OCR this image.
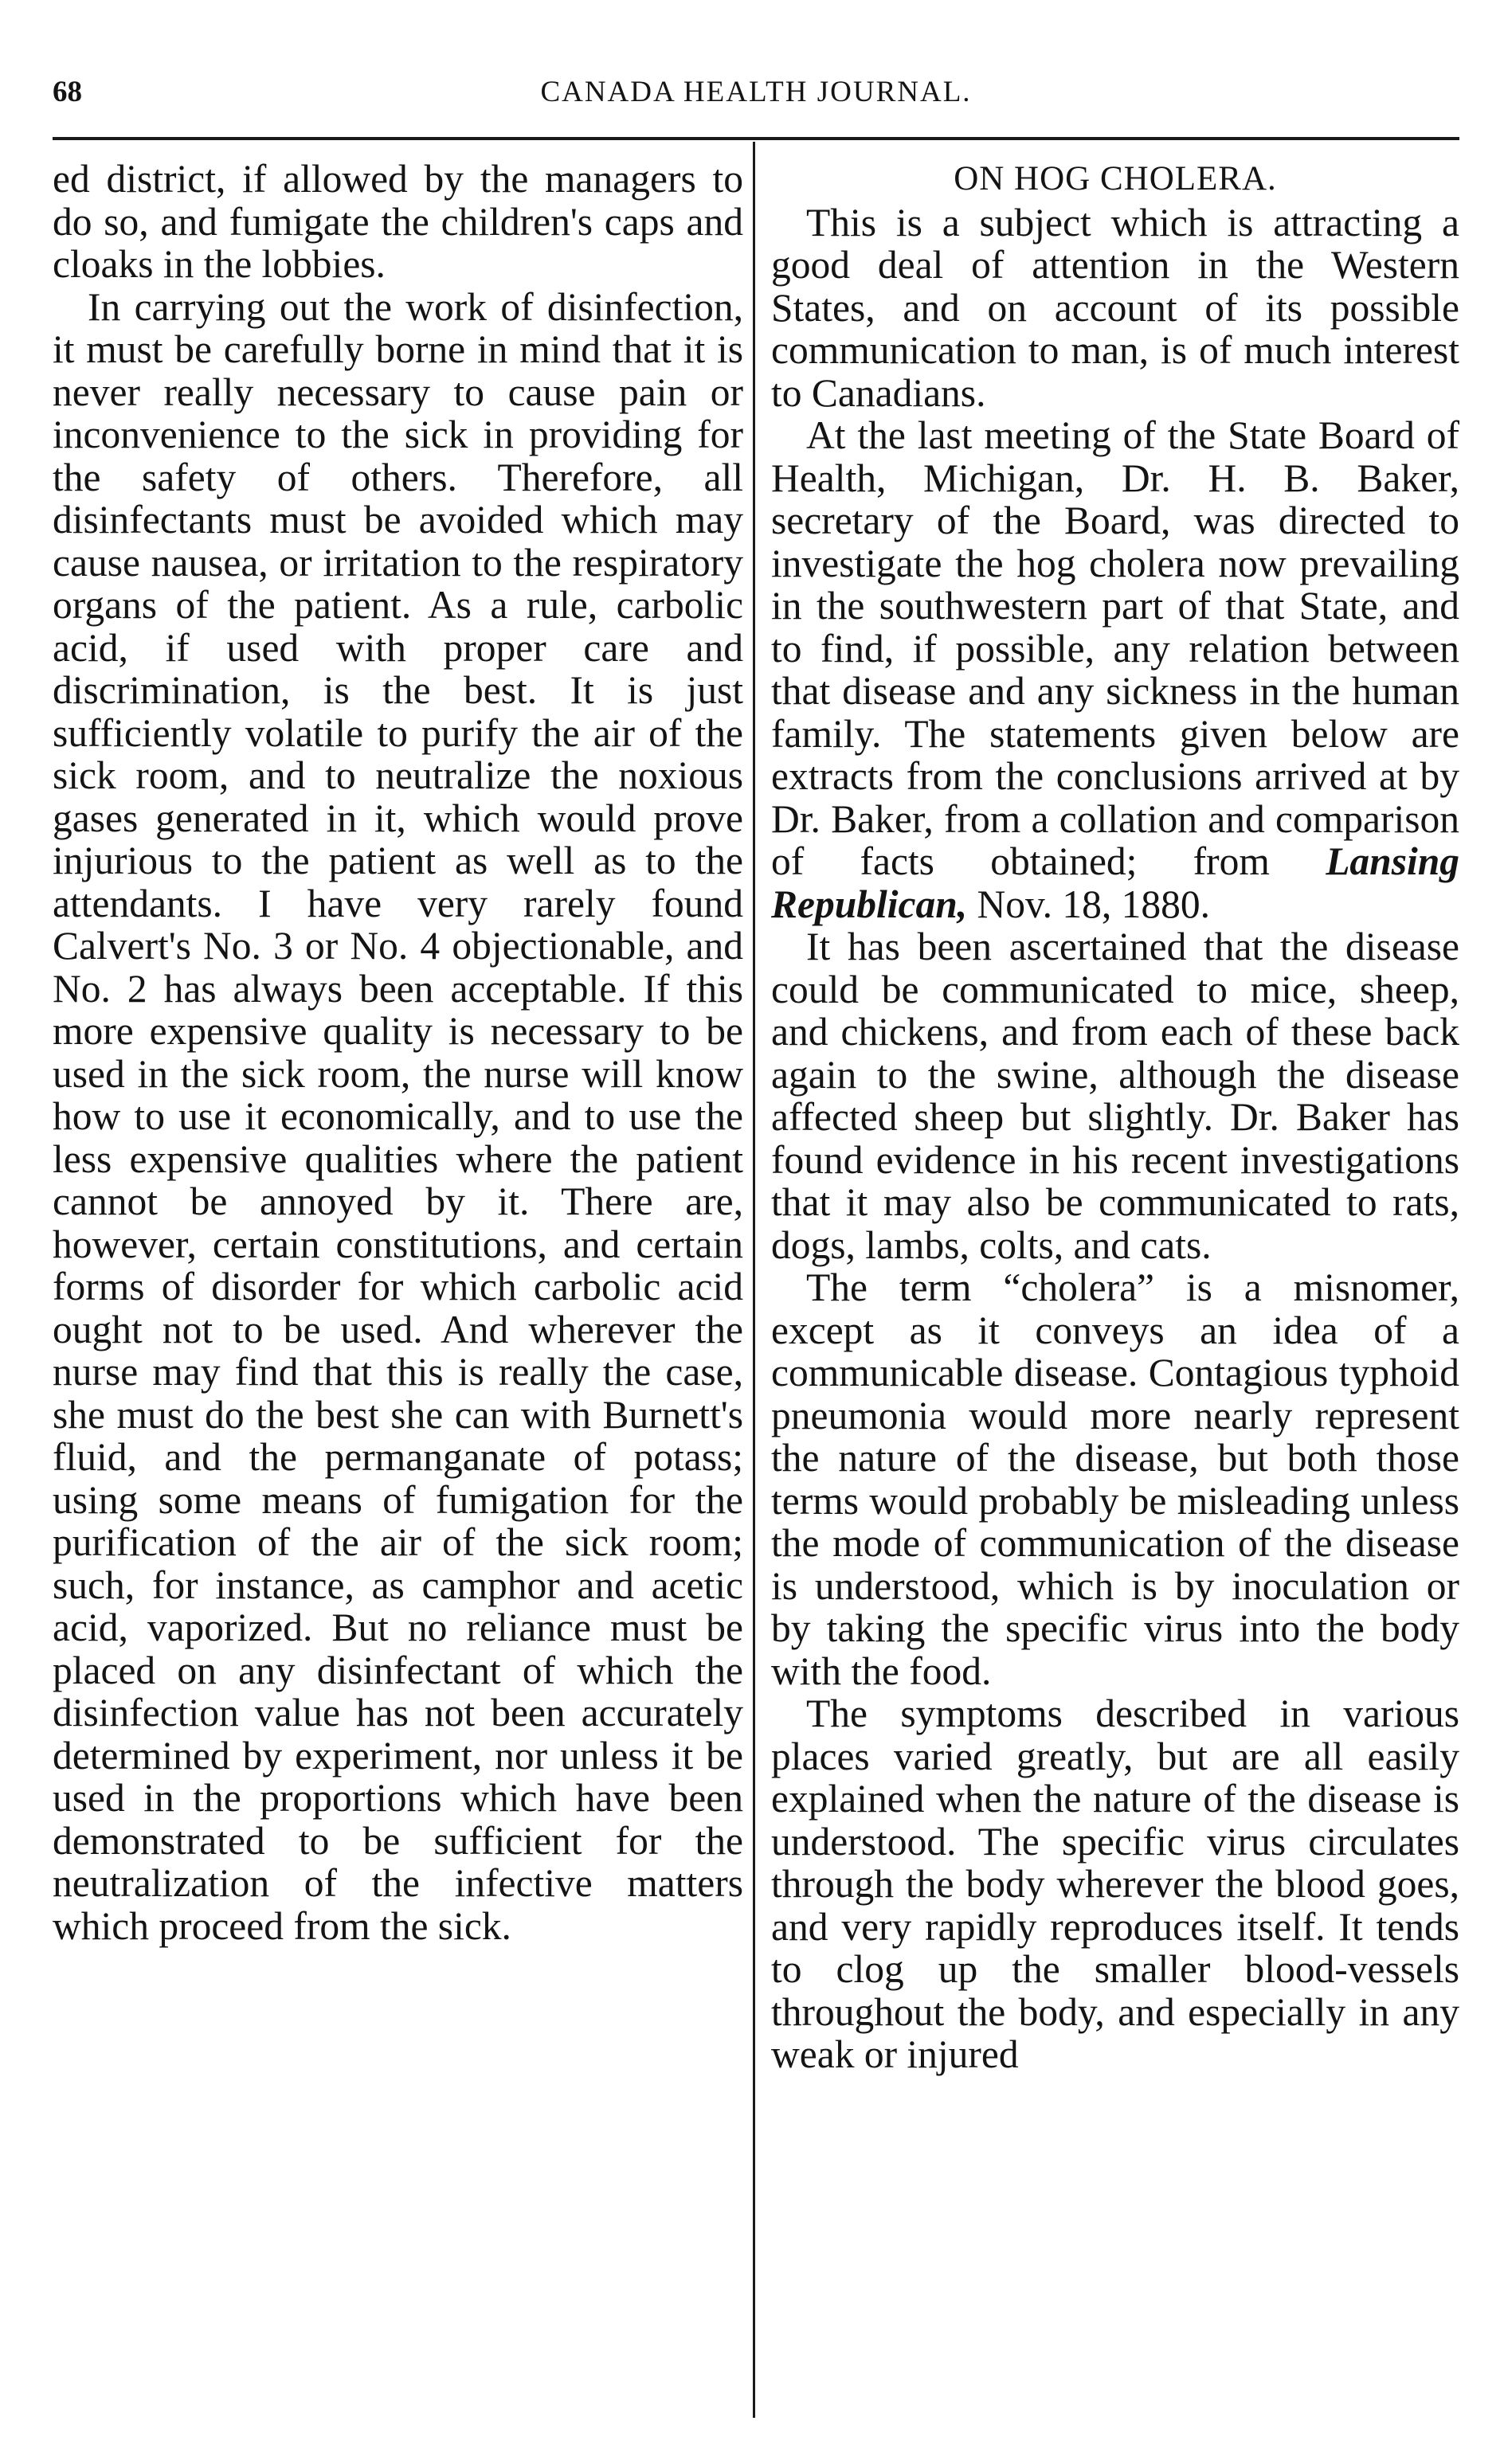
68	CANADA HEALTH JOURNAL.

ed district, if allowed by the managers to do so, and fumigate the children's caps and cloaks in the lobbies.

In carrying out the work of disinfection, it must be carefully borne in mind that it is never really necessary to cause pain or inconvenience to the sick in providing for the safety of others. Therefore, all disinfectants must be avoided which may cause nausea, or irritation to the respiratory organs of the patient. As a rule, carbolic acid, if used with proper care and discrimination, is the best. It is just sufficiently volatile to purify the air of the sick room, and to neutralize the noxious gases generated in it, which would prove injurious to the patient as well as to the attendants. I have very rarely found Calvert's No. 3 or No. 4 objectionable, and No. 2 has always been acceptable. If this more expensive quality is necessary to be used in the sick room, the nurse will know how to use it economically, and to use the less expensive qualities where the patient cannot be annoyed by it. There are, however, certain constitutions, and certain forms of disorder for which carbolic acid ought not to be used. And wherever the nurse may find that this is really the case, she must do the best she can with Burnett's fluid, and the permanganate of potass; using some means of fumigation for the purification of the air of the sick room; such, for instance, as camphor and acetic acid, vaporized. But no reliance must be placed on any disinfectant of which the disinfection value has not been accurately determined by experiment, nor unless it be used in the proportions which have been demonstrated to be sufficient for the neutralization of the infective matters which proceed from the sick.

ON HOG CHOLERA.

This is a subject which is attracting a good deal of attention in the Western States, and on account of its possible communication to man, is of much interest to Canadians.

At the last meeting of the State Board of Health, Michigan, Dr. H. B. Baker, secretary of the Board, was directed to investigate the hog cholera now prevailing in the southwestern part of that State, and to find, if possible, any relation between that disease and any sickness in the human family. The statements given below are extracts from the conclusions arrived at by Dr. Baker, from a collation and comparison of facts obtained; from Lansing Republican, Nov. 18, 1880.

It has been ascertained that the disease could be communicated to mice, sheep, and chickens, and from each of these back again to the swine, although the disease affected sheep but slightly. Dr. Baker has found evidence in his recent investigations that it may also be communicated to rats, dogs, lambs, colts, and cats.

The term “cholera” is a misnomer, except as it conveys an idea of a communicable disease. Contagious typhoid pneumonia would more nearly represent the nature of the disease, but both those terms would probably be misleading unless the mode of communication of the disease is understood, which is by inoculation or by taking the specific virus into the body with the food.

The symptoms described in various places varied greatly, but are all easily explained when the nature of the disease is understood. The specific virus circulates through the body wherever the blood goes, and very rapidly reproduces itself. It tends to clog up the smaller blood-vessels throughout the body, and especially in any weak or injured
